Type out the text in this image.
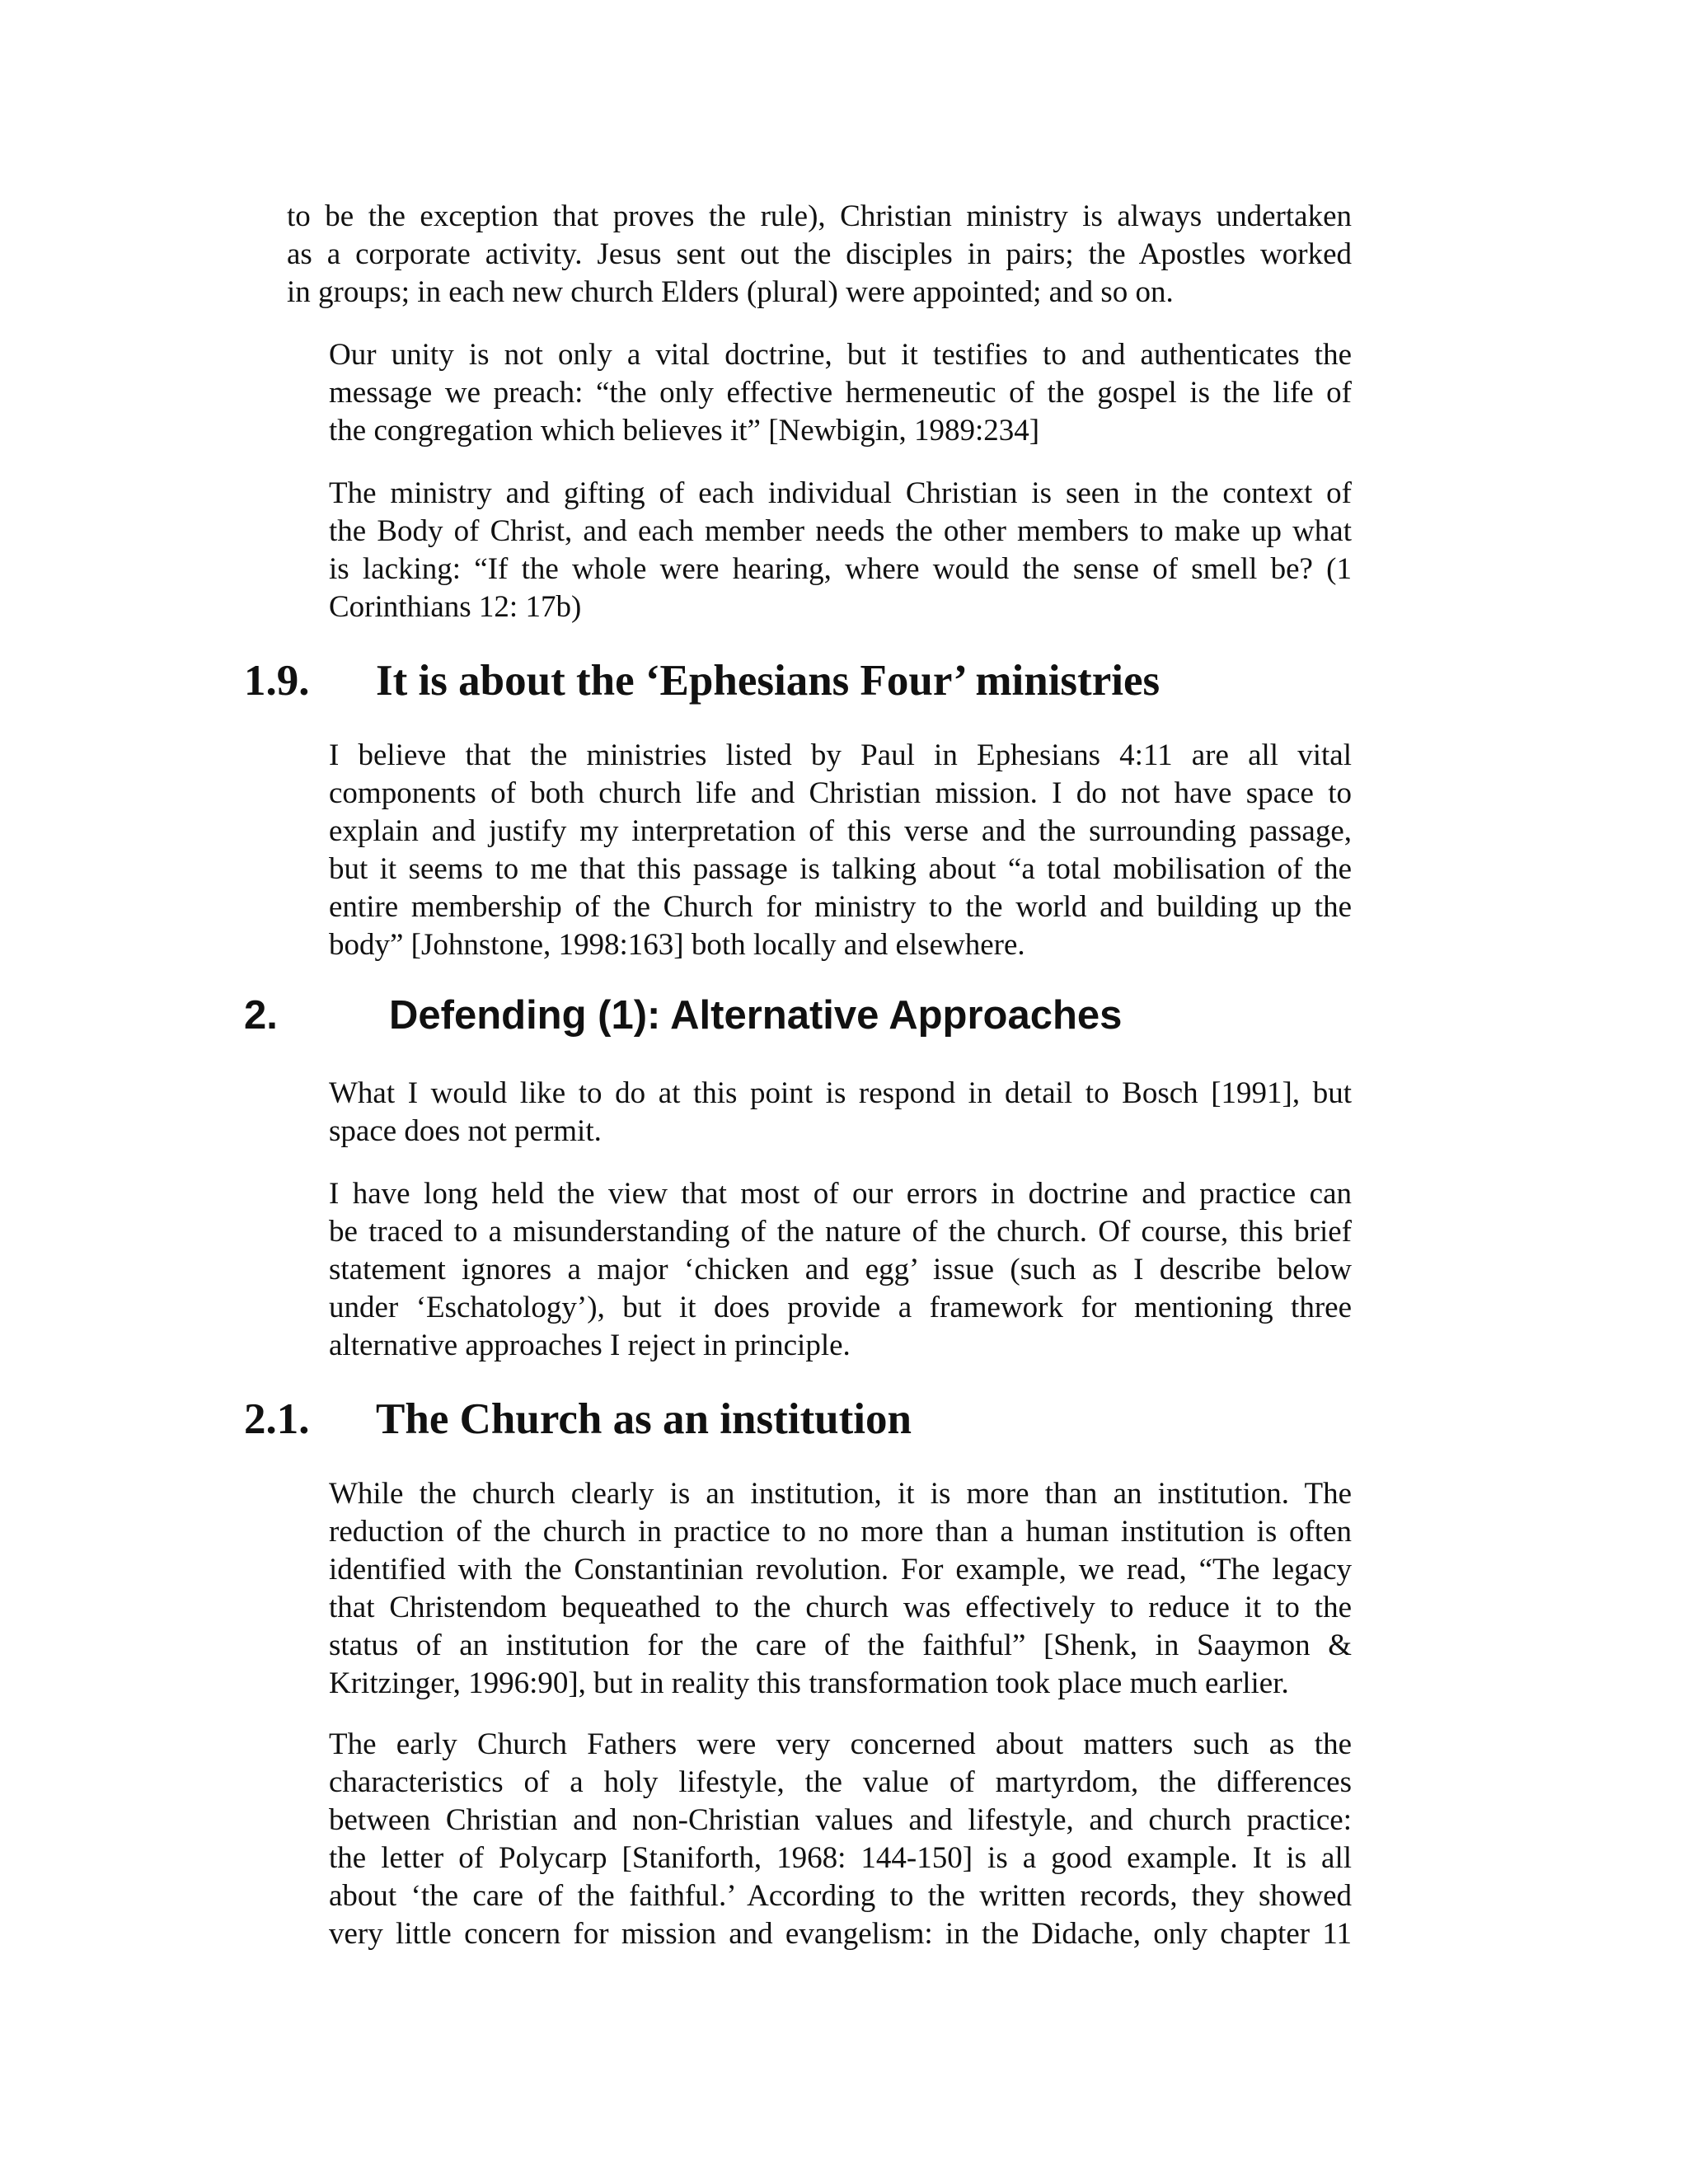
to be the exception that proves the rule), Christian ministry is always undertaken
as a corporate activity. Jesus sent out the disciples in pairs; the Apostles worked
in groups; in each new church Elders (plural) were appointed; and so on.

Our unity is not only a vital doctrine, but it testifies to and authenticates the
message we preach: “the only effective hermeneutic of the gospel is the life of
the congregation which believes it” [Newbigin, 1989:234]

The ministry and gifting of each individual Christian is seen in the context of
the Body of Christ, and each member needs the other members to make up what
is lacking: “If the whole were hearing, where would the sense of smell be? (1
Corinthians 12: 17b)

1.9. It is about the ‘Ephesians Four’ ministries

I believe that the ministries listed by Paul in Ephesians 4:11 are all vital
components of both church life and Christian mission. I do not have space to
explain and justify my interpretation of this verse and the surrounding passage,
but it seems to me that this passage is talking about “a total mobilisation of the
entire membership of the Church for ministry to the world and building up the
body” [Johnstone, 1998:163] both locally and elsewhere.

2.	Defending (1): Alternative Approaches

What I would like to do at this point is respond in detail to Bosch [1991], but
space does not permit.

I have long held the view that most of our errors in doctrine and practice can
be traced to a misunderstanding of the nature of the church. Of course, this brief
statement ignores a major ‘chicken and egg’ issue (such as I describe below
under ‘Eschatology’), but it does provide a framework for mentioning three
alternative approaches I reject in principle.

2.1. The Church as an institution

While the church clearly is an institution, it is more than an institution. The
reduction of the church in practice to no more than a human institution is often
identified with the Constantinian revolution. For example, we read, “The legacy
that Christendom bequeathed to the church was effectively to reduce it to the
status of an institution for the care of the faithful” [Shenk, in Saaymon &
Kritzinger, 1996:90], but in reality this transformation took place much earlier.

The early Church Fathers were very concerned about matters such as the
characteristics of a holy lifestyle, the value of martyrdom, the differences
between Christian and non-Christian values and lifestyle, and church practice:
the letter of Polycarp [Staniforth, 1968: 144-150] is a good example. It is all
about ‘the care of the faithful.’ According to the written records, they showed
very little concern for mission and evangelism: in the Didache, only chapter 11
